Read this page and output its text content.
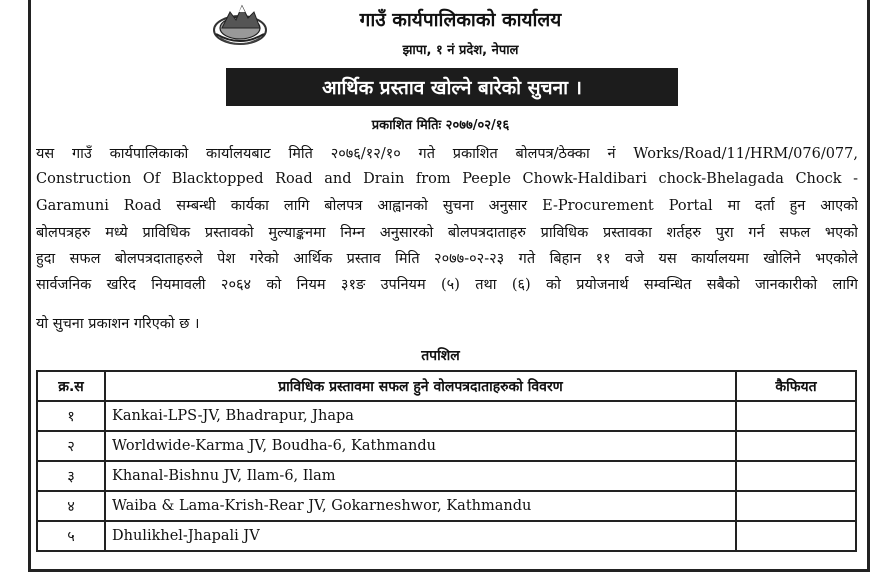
गाउँ कार्यपालिकाको कार्यालय
झापा, १ नं प्रदेश, नेपाल
आर्थिक प्रस्ताव खोल्ने बारेको सुचना ।
प्रकाशित मितिः २०७७/०२/१६
यस गाउँ कार्यपालिकाको कार्यालयबाट मिति २०७६/१२/१० गते प्रकाशित बोलपत्र/ठेक्का नं Works/Road/11/HRM/076/077,
Construction Of Blacktopped Road and Drain from Peeple Chowk-Haldibari chock-Bhelagada Chock -
Garamuni Road सम्बन्धी कार्यका लागि बोलपत्र आह्वानको सुचना अनुसार E-Procurement Portal मा दर्ता हुन आएको
बोलपत्रहरु मध्ये प्राविधिक प्रस्तावको मुल्याङ्कनमा निम्न अनुसारको बोलपत्रदाताहरु प्राविधिक प्रस्तावका शर्तहरु पुरा गर्न सफल भएको
हुदा सफल बोलपत्रदाताहरुले पेश गरेको आर्थिक प्रस्ताव मिति २०७७-०२-२३ गते बिहान ११ वजे यस कार्यालयमा खोलिने भएकोले
सार्वजनिक खरिद नियमावली २०६४ को नियम ३१ङ उपनियम (५) तथा (६) को प्रयोजनार्थ सम्वन्धित सबैको जानकारीको लागि
यो सुचना प्रकाशन गरिएको छ ।
तपशिल
क्र.स	प्राविधिक प्रस्तावमा सफल हुने वोलपत्रदाताहरुको विवरण	कैफियत
१	Kankai-LPS-JV, Bhadrapur, Jhapa	
२	Worldwide-Karma JV, Boudha-6, Kathmandu	
३	Khanal-Bishnu JV, Ilam-6, Ilam	
४	Waiba & Lama-Krish-Rear JV, Gokarneshwor, Kathmandu	
५	Dhulikhel-Jhapali JV	
